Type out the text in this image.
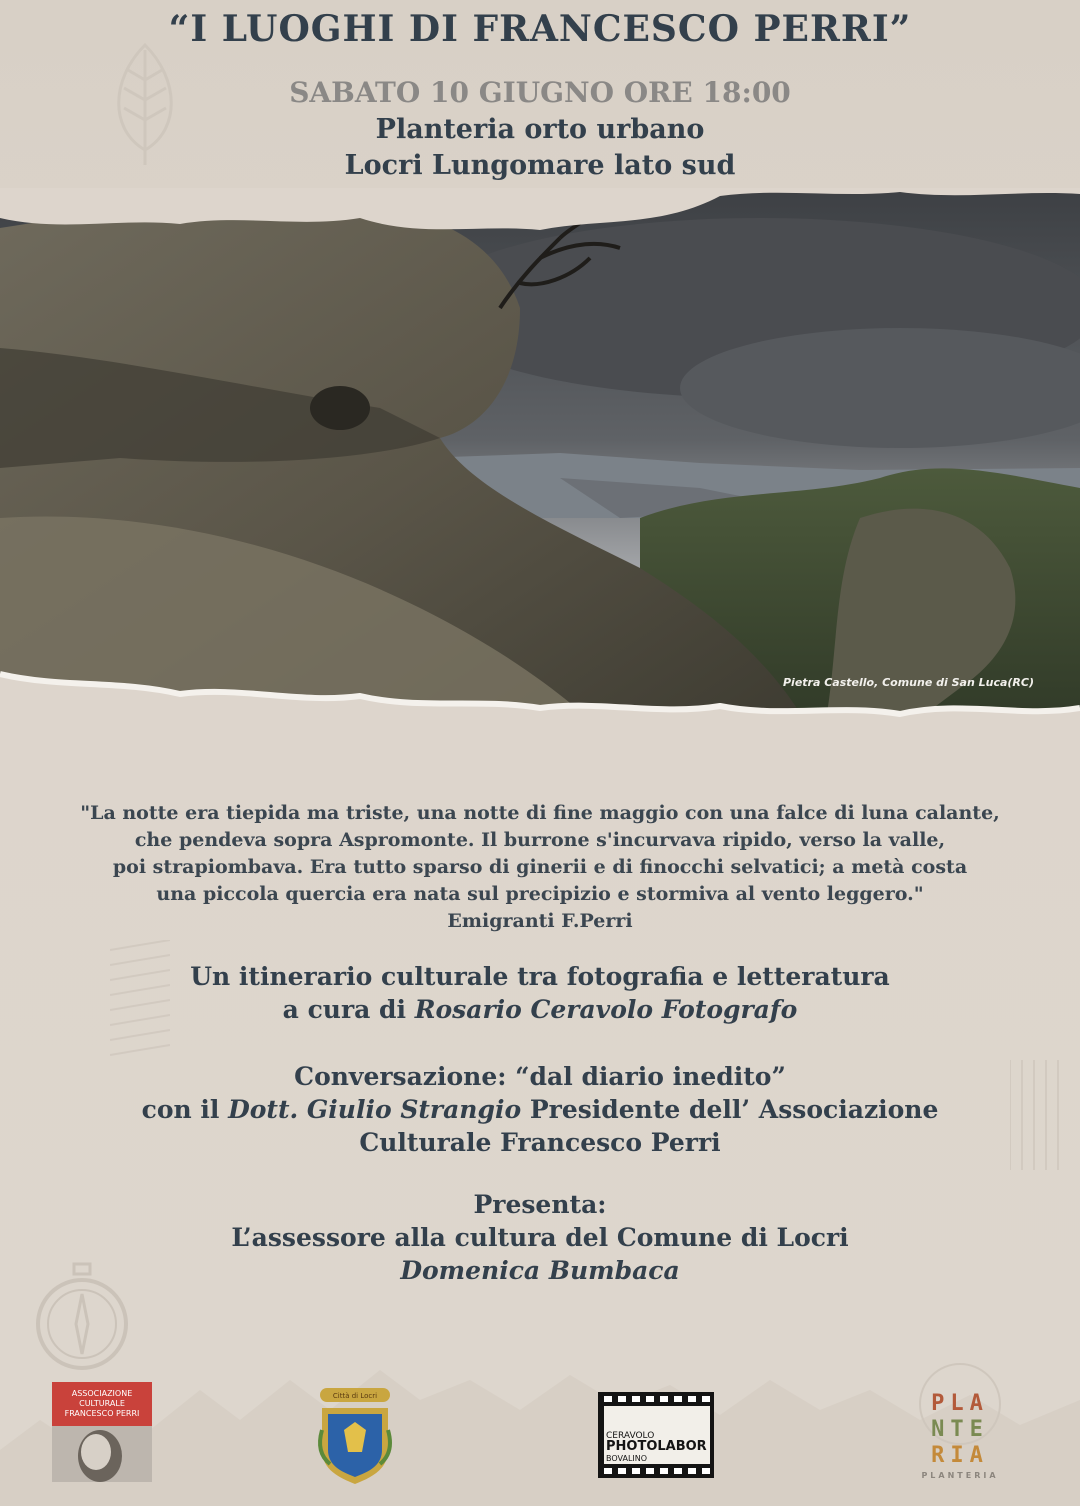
“I LUOGHI DI FRANCESCO PERRI”
SABATO 10 GIUGNO ORE 18:00
Planteria orto urbano
Locri Lungomare lato sud
Pietra Castello, Comune di San Luca(RC)
"La notte era tiepida ma triste, una notte di fine maggio con una falce di luna calante,
che pendeva sopra Aspromonte. Il burrone s'incurvava ripido, verso la valle,
poi strapiombava. Era tutto sparso di ginerii e di finocchi selvatici; a metà costa
una piccola quercia era nata sul precipizio e stormiva al vento leggero."
Emigranti F.Perri
Un itinerario culturale tra fotografia e letteratura
a cura di Rosario Ceravolo Fotografo
Conversazione: “dal diario inedito”
con il Dott. Giulio Strangio Presidente dell’ Associazione
Culturale Francesco Perri
Presenta:
L’assessore alla cultura del Comune di Locri
Domenica Bumbaca
ASSOCIAZIONE
CULTURALE
FRANCESCO PERRI
Città di Locri
CERAVOLO
PHOTOLABOR
BOVALINO
PLA
NTE
RIA
PLANTERIA
